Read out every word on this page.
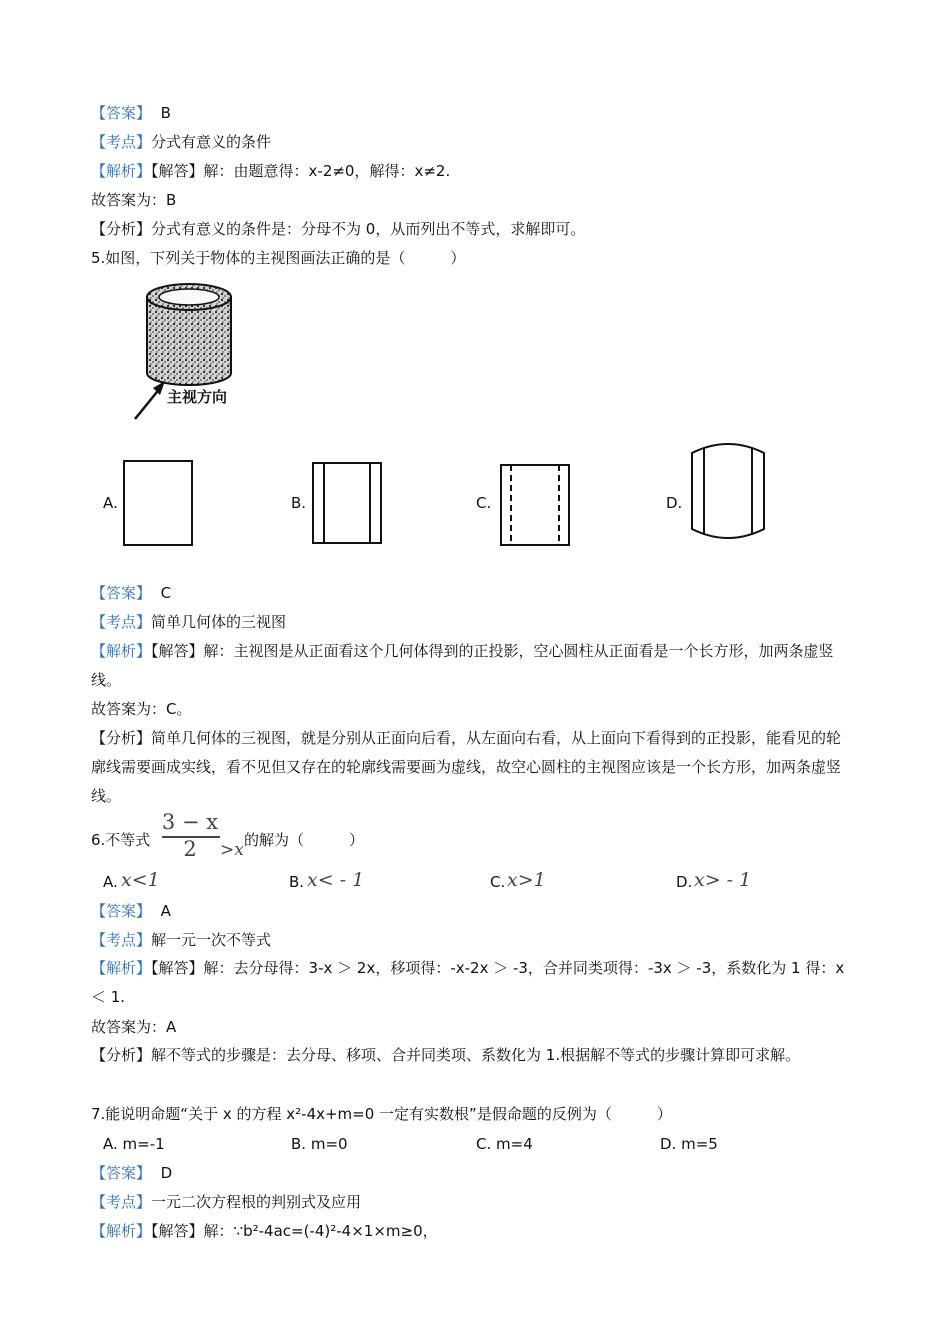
【答案】 B
【考点】分式有意义的条件
【解析】【解答】解：由题意得：x-2≠0，解得：x≠2.
故答案为：B
【分析】分式有意义的条件是：分母不为 0，从而列出不等式，求解即可。
5.如图，下列关于物体的主视图画法正确的是（　　　）
主视方向
A.	B.	C.	D.
【答案】 C
【考点】简单几何体的三视图
【解析】【解答】解：主视图是从正面看这个几何体得到的正投影，空心圆柱从正面看是一个长方形，加两条虚竖线。
故答案为：C。
【分析】简单几何体的三视图，就是分别从正面向后看，从左面向右看，从上面向下看得到的正投影，能看见的轮廓线需要画成实线，看不见但又存在的轮廓线需要画为虚线，故空心圆柱的主视图应该是一个长方形，加两条虚竖线。
6.不等式
3 − x
2	>x 的解为（　　　）
A. x<1	B. x< - 1	C. x>1	D. x> - 1
【答案】 A
【考点】解一元一次不等式
【解析】【解答】解：去分母得：3-x ＞ 2x，移项得：-x-2x ＞ -3，合并同类项得：-3x ＞ -3，系数化为 1 得：x ＜ 1.
故答案为：A
【分析】解不等式的步骤是：去分母、移项、合并同类项、系数化为 1.根据解不等式的步骤计算即可求解。
7.能说明命题“关于 x 的方程 x²-4x+m=0 一定有实数根”是假命题的反例为（　　　）
A. m=-1	B. m=0	C. m=4	D. m=5
【答案】 D
【考点】一元二次方程根的判别式及应用
【解析】【解答】解：∵b²-4ac=(-4)²-4×1×m≥0，
